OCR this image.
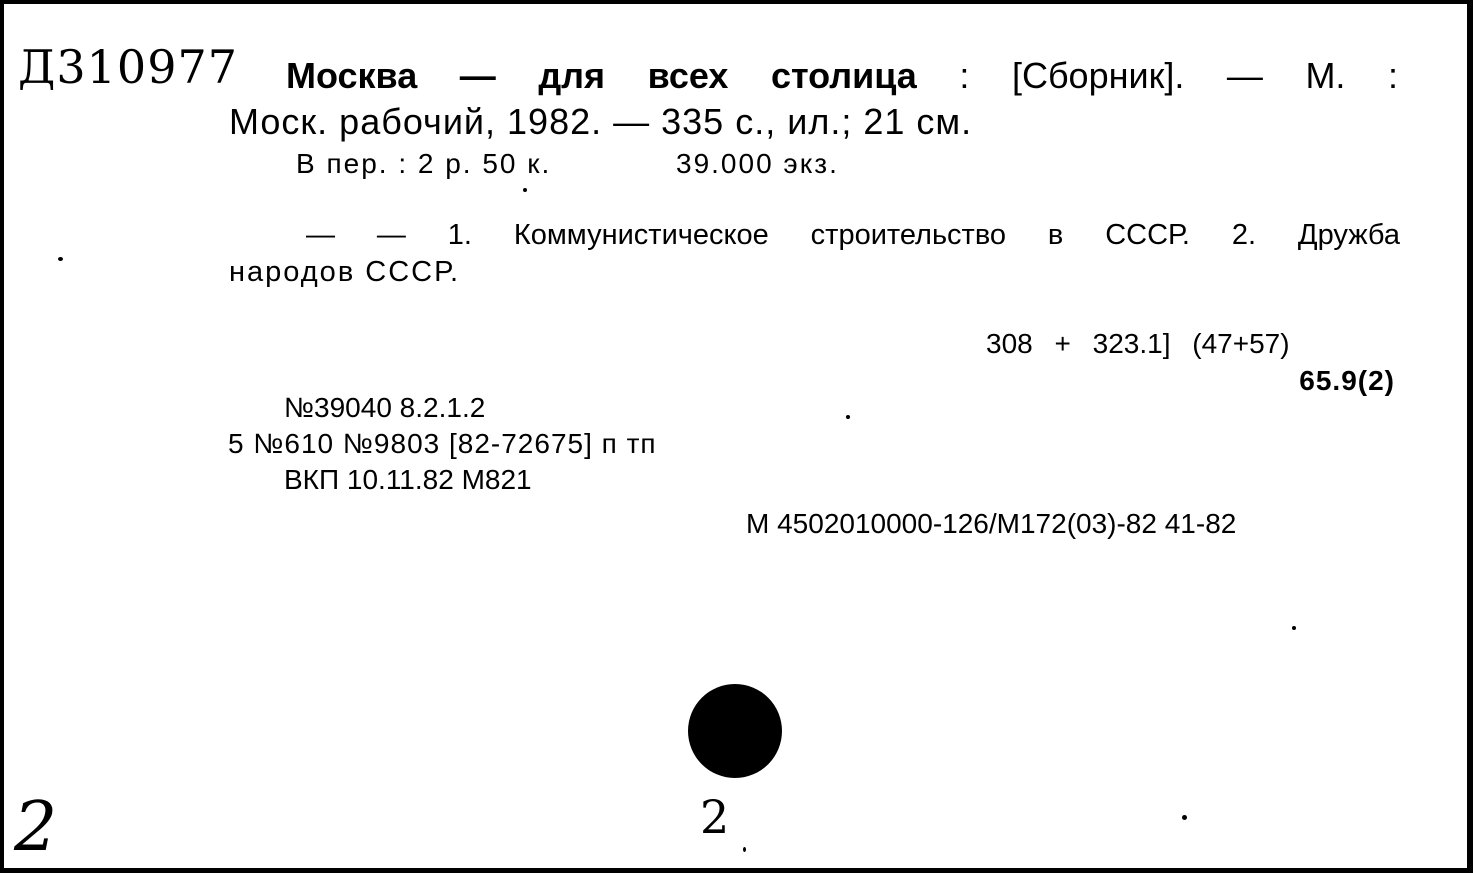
Д310977 Москва — для всех столица : [Сборник]. — М. :
Моск. рабочий, 1982. — 335 с., ил.; 21 см.
В пер. : 2 р. 50 к.	39.000 экз.
— — 1. Коммунистическое строительство в СССР. 2. Дружба
народов СССР.
308 + 323.1] (47+57)
65.9(2)
№39040 8.2.1.2
5 №610 №9803 [82-72675] п тп
ВКП 10.11.82 М821
М 4502010000-126/М172(03)-82 41-82
2	2
